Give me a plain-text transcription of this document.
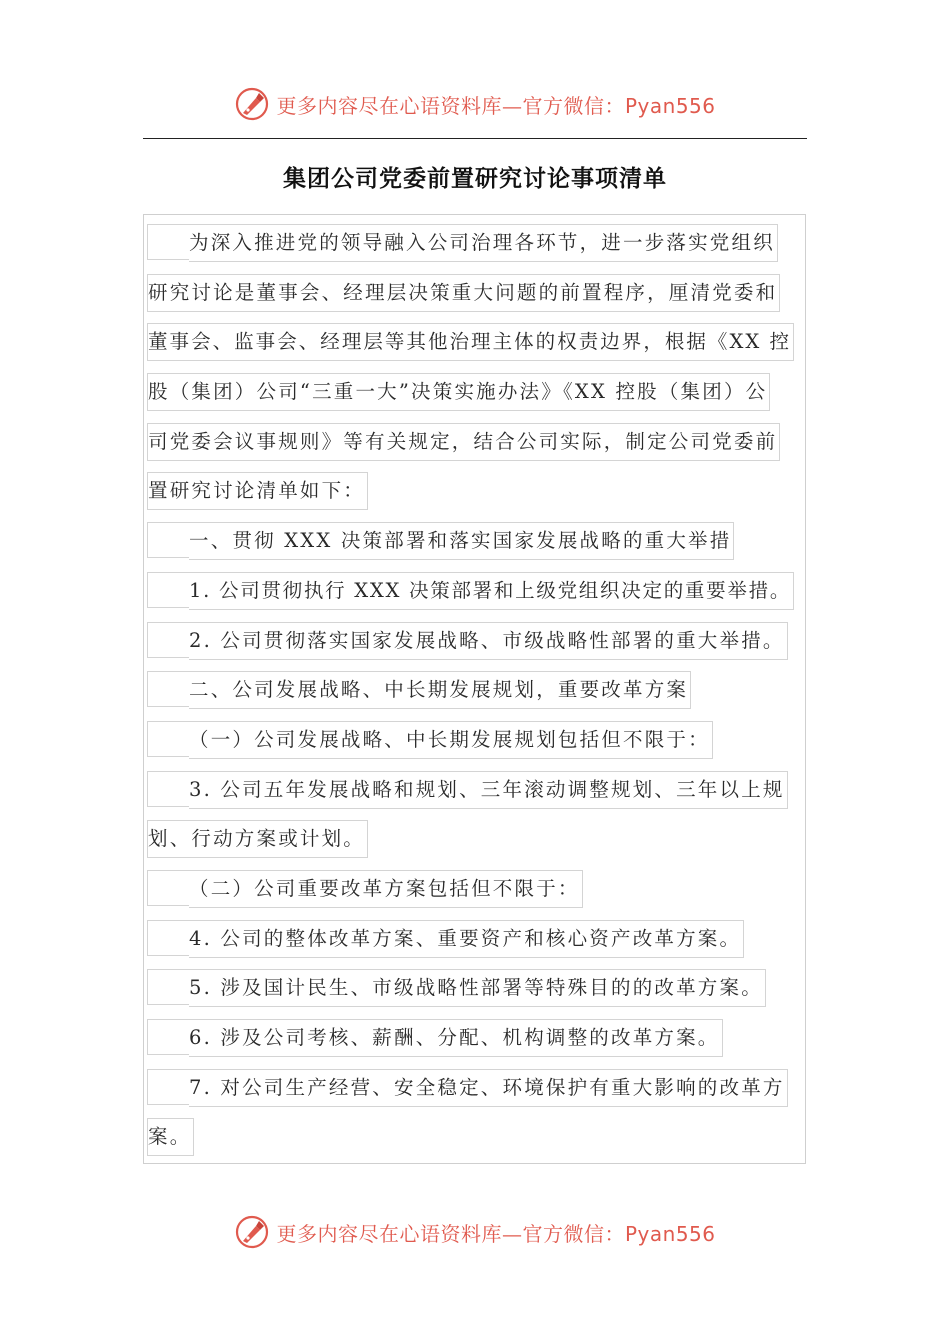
更多内容尽在心语资料库—官方微信：Pyan556
集团公司党委前置研究讨论事项清单
为深入推进党的领导融入公司治理各环节，进一步落实党组织
研究讨论是董事会、经理层决策重大问题的前置程序，厘清党委和
董事会、监事会、经理层等其他治理主体的权责边界，根据《XX 控
股（集团）公司“三重一大”决策实施办法》《XX 控股（集团）公
司党委会议事规则》等有关规定，结合公司实际，制定公司党委前
置研究讨论清单如下：
一、贯彻 XXX 决策部署和落实国家发展战略的重大举措
1. 公司贯彻执行 XXX 决策部署和上级党组织决定的重要举措。
2. 公司贯彻落实国家发展战略、市级战略性部署的重大举措。
二、公司发展战略、中长期发展规划，重要改革方案
（一）公司发展战略、中长期发展规划包括但不限于：
3. 公司五年发展战略和规划、三年滚动调整规划、三年以上规
划、行动方案或计划。
（二）公司重要改革方案包括但不限于：
4. 公司的整体改革方案、重要资产和核心资产改革方案。
5. 涉及国计民生、市级战略性部署等特殊目的的改革方案。
6. 涉及公司考核、薪酬、分配、机构调整的改革方案。
7. 对公司生产经营、安全稳定、环境保护有重大影响的改革方
案。
更多内容尽在心语资料库—官方微信：Pyan556
